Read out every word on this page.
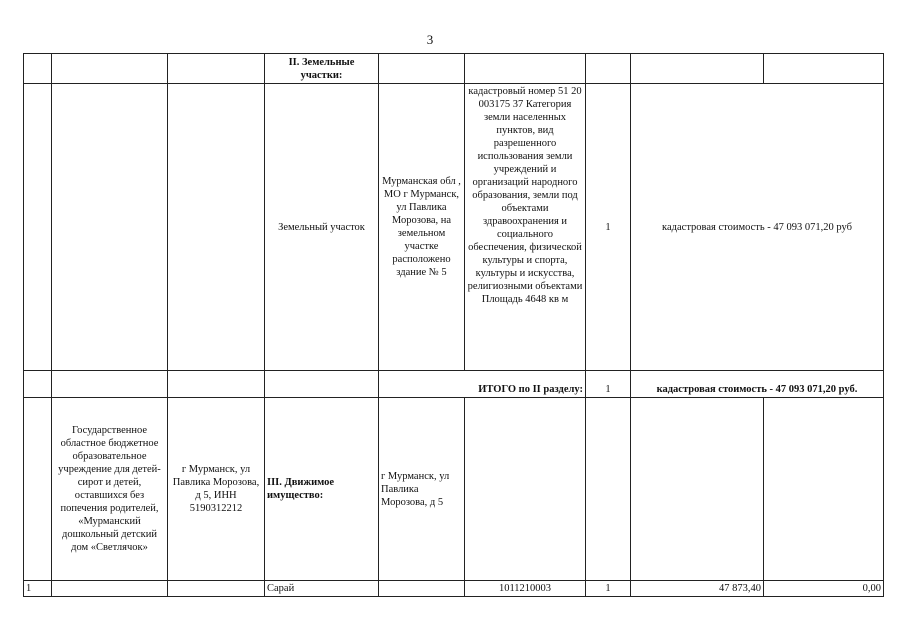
3
			II. Земельные участки:					
			Земельный участок	Мурманская обл , МО г Мурманск, ул Павлика Морозова, на земельном участке расположено здание № 5	кадастровый номер 51 20 003175 37 Категория земли населенных пунктов, вид разрешенного использования земли учреждений и организаций народного образования, земли под объектами здравоохранения и социального обеспечения, физической культуры и спорта, культуры и искусства, религиозными объектами Площадь 4648 кв м	1	кадастровая стоимость - 47 093 071,20 руб	
				ИТОГО по II разделу:		1	кадастровая стоимость - 47 093 071,20 руб.	
	Государственное областное бюджетное образовательное учреждение для детей-сирот и детей, оставшихся без попечения родителей, «Мурманский дошкольный детский дом «Светлячок»	г Мурманск, ул Павлика Морозова, д 5, ИНН 5190312212	III. Движимое имущество:	г Мурманск, ул Павлика Морозова, д 5				
1			Сарай		1011210003	1	47 873,40	0,00
